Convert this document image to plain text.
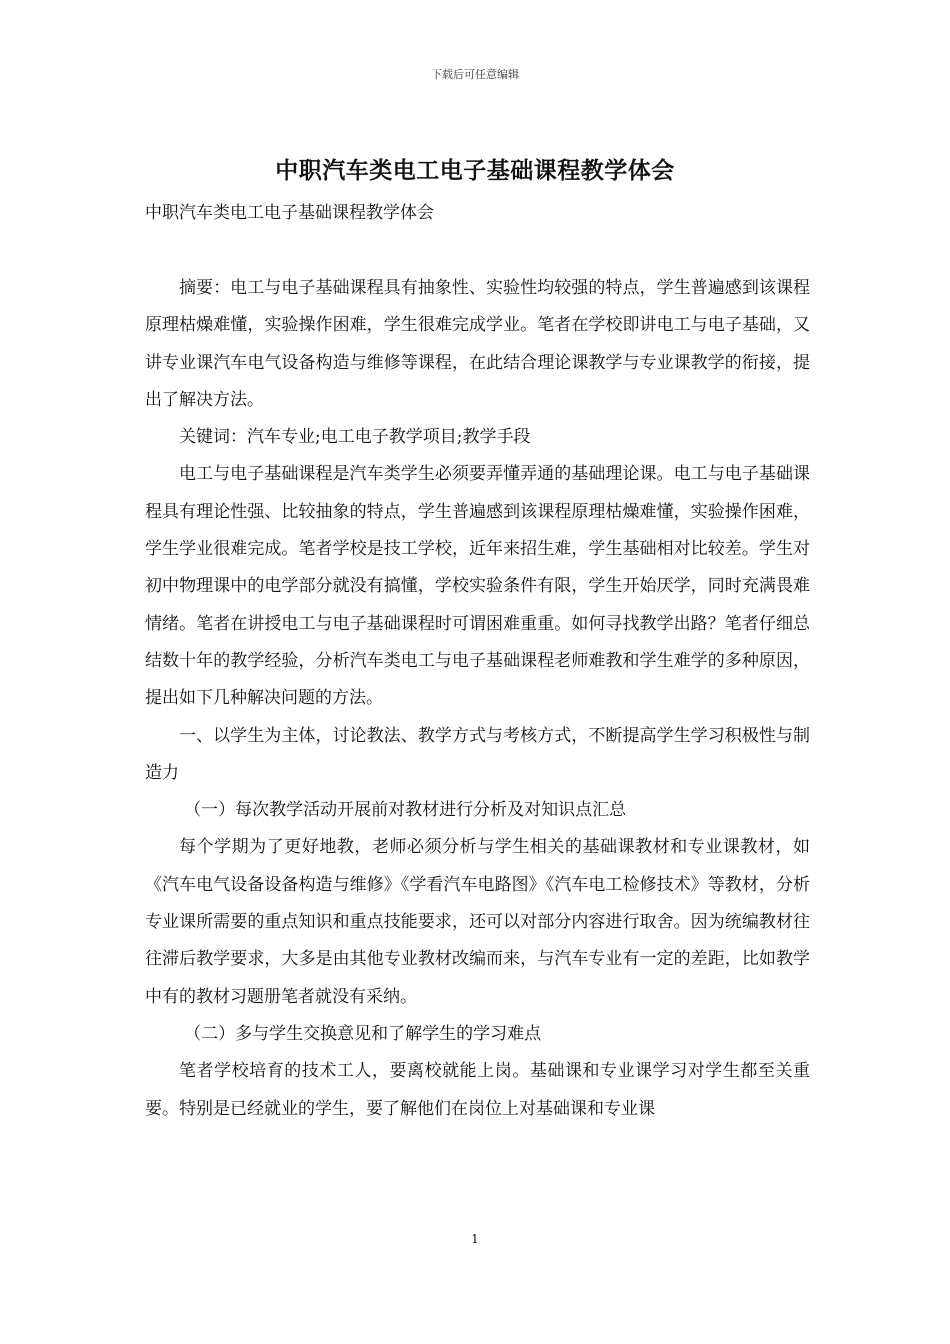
下载后可任意编辑
中职汽车类电工电子基础课程教学体会
中职汽车类电工电子基础课程教学体会

摘要：电工与电子基础课程具有抽象性、实验性均较强的特点，学生普遍感到该课程原理枯燥难懂，实验操作困难，学生很难完成学业。笔者在学校即讲电工与电子基础，又讲专业课汽车电气设备构造与维修等课程，在此结合理论课教学与专业课教学的衔接，提出了解决方法。

关键词：汽车专业;电工电子教学项目;教学手段

电工与电子基础课程是汽车类学生必须要弄懂弄通的基础理论课。电工与电子基础课程具有理论性强、比较抽象的特点，学生普遍感到该课程原理枯燥难懂，实验操作困难，学生学业很难完成。笔者学校是技工学校，近年来招生难，学生基础相对比较差。学生对初中物理课中的电学部分就没有搞懂，学校实验条件有限，学生开始厌学，同时充满畏难情绪。笔者在讲授电工与电子基础课程时可谓困难重重。如何寻找教学出路？笔者仔细总结数十年的教学经验，分析汽车类电工与电子基础课程老师难教和学生难学的多种原因，提出如下几种解决问题的方法。

一、以学生为主体，讨论教法、教学方式与考核方式，不断提高学生学习积极性与制造力

（一）每次教学活动开展前对教材进行分析及对知识点汇总

每个学期为了更好地教，老师必须分析与学生相关的基础课教材和专业课教材，如《汽车电气设备设备构造与维修》《学看汽车电路图》《汽车电工检修技术》等教材，分析专业课所需要的重点知识和重点技能要求，还可以对部分内容进行取舍。因为统编教材往往滞后教学要求，大多是由其他专业教材改编而来，与汽车专业有一定的差距，比如教学中有的教材习题册笔者就没有采纳。

（二）多与学生交换意见和了解学生的学习难点

笔者学校培育的技术工人，要离校就能上岗。基础课和专业课学习对学生都至关重要。特别是已经就业的学生，要了解他们在岗位上对基础课和专业课

1
